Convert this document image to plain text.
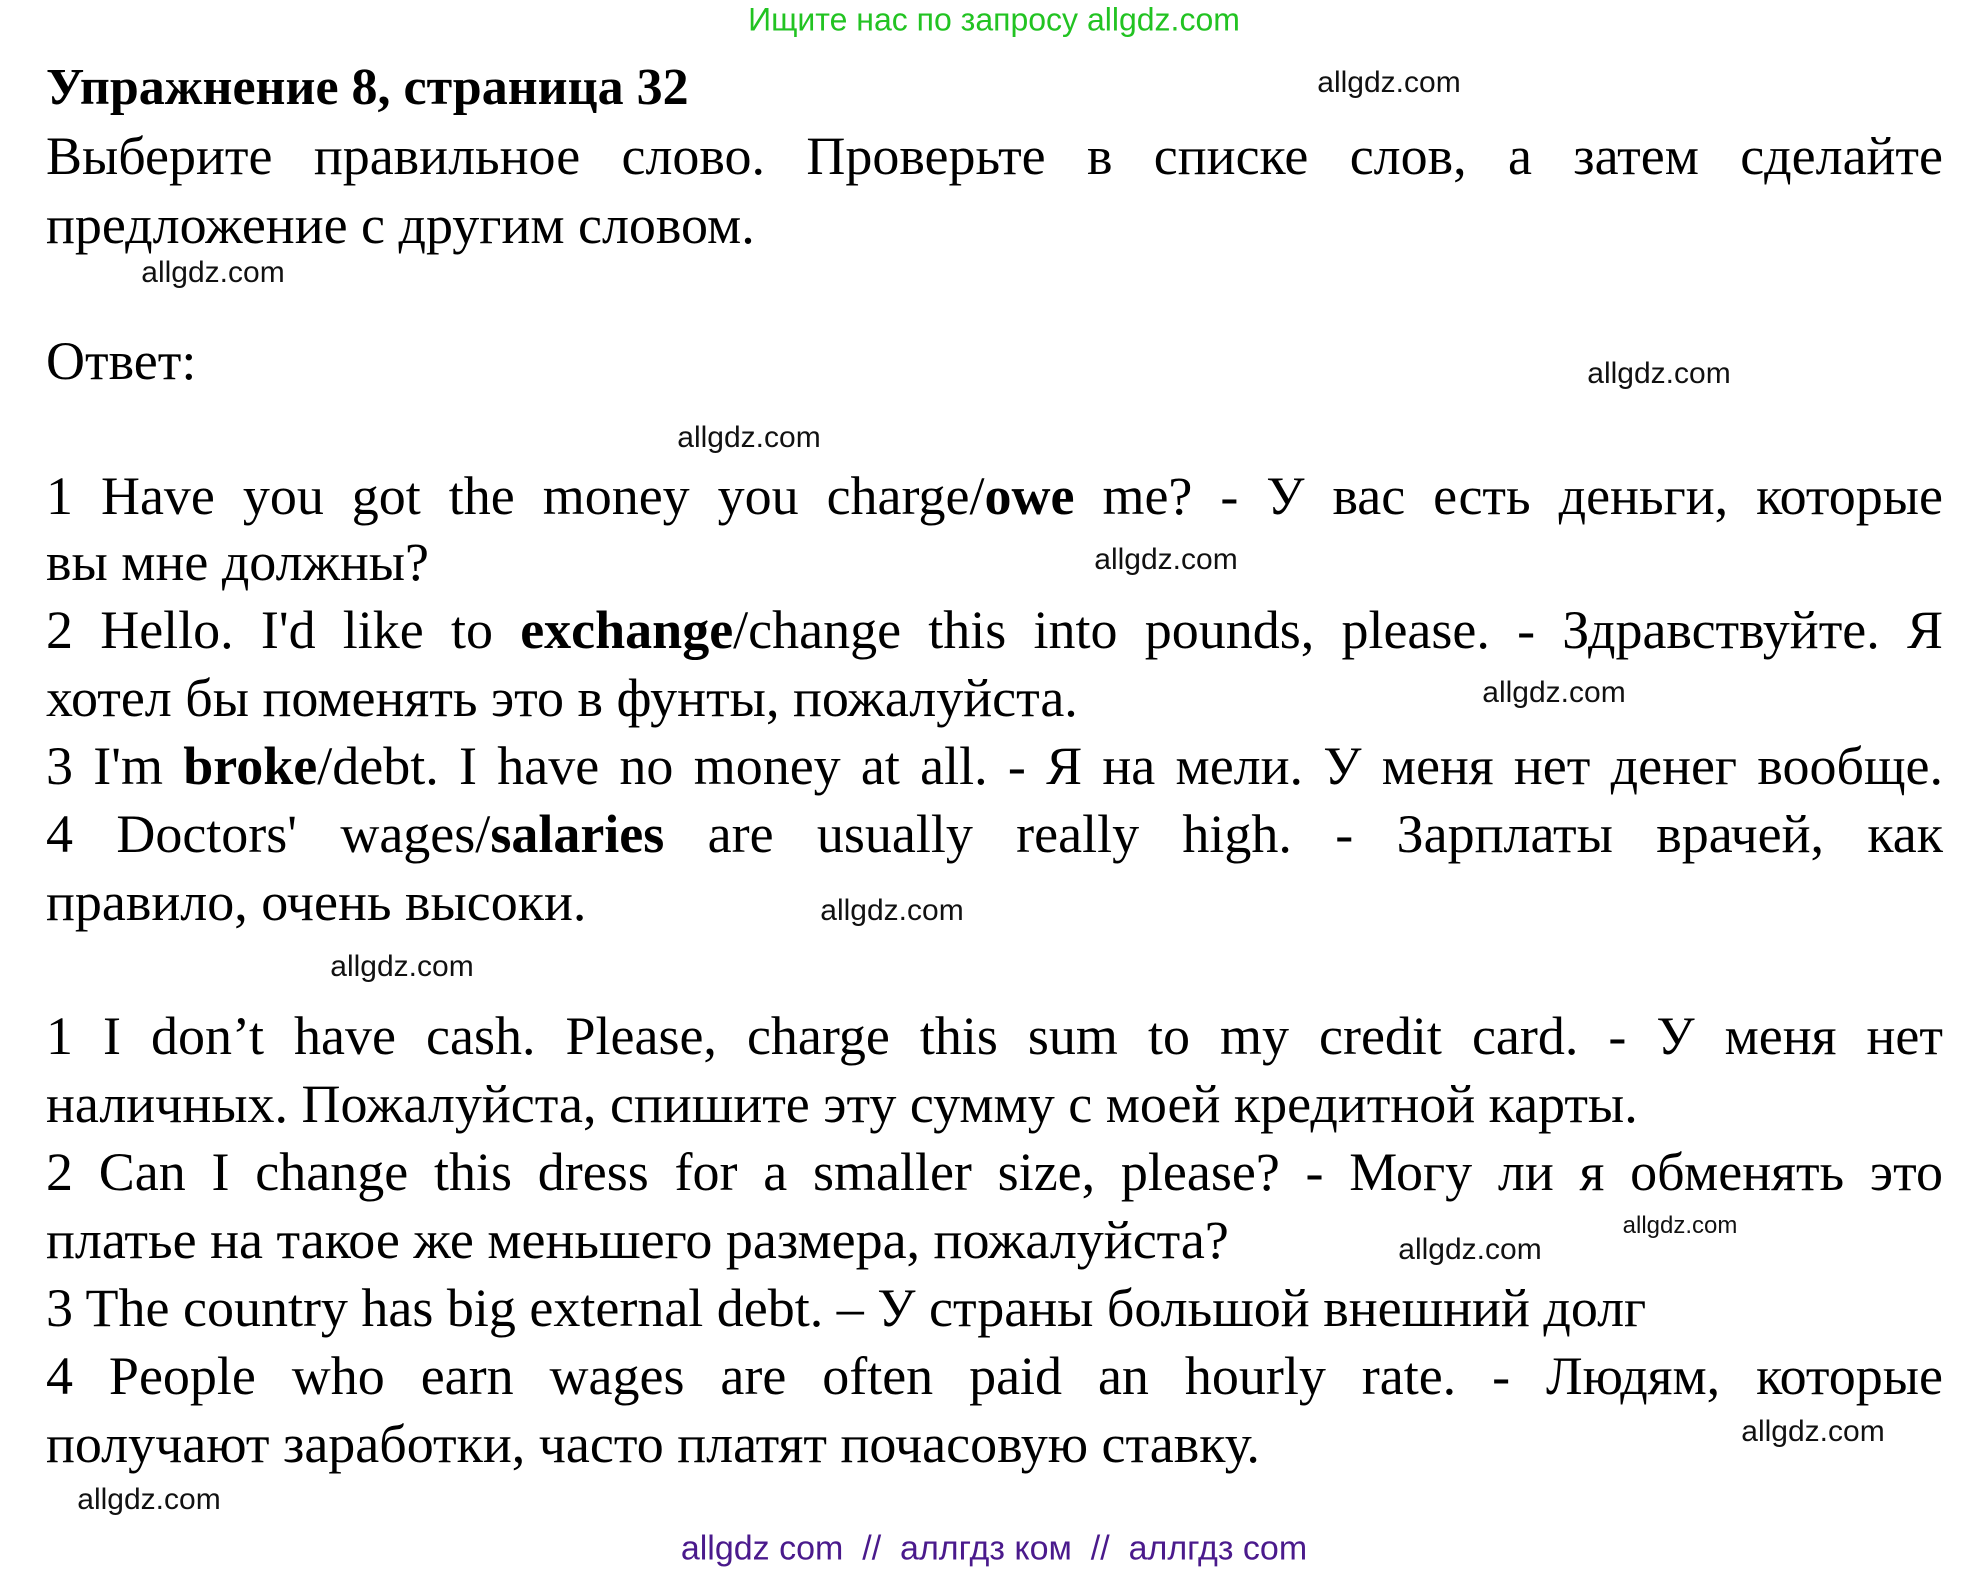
Ищите нас по запросу allgdz.com
Упражнение 8, страница 32
Выберите правильное слово. Проверьте в списке слов, а затем сделайте
предложение с другим словом.
Ответ:
1 Have you got the money you charge/owe me? - У вас есть деньги, которые
вы мне должны?
2 Hello. I'd like to exchange/change this into pounds, please. - Здравствуйте. Я
хотел бы поменять это в фунты, пожалуйста.
3 I'm broke/debt. I have no money at all. - Я на мели. У меня нет денег вообще.
4 Doctors' wages/salaries are usually really high. - Зарплаты врачей, как
правило, очень высоки.
1 I don’t have cash. Please, charge this sum to my credit card. - У меня нет
наличных. Пожалуйста, спишите эту сумму с моей кредитной карты.
2 Can I change this dress for a smaller size, please? - Могу ли я обменять это
платье на такое же меньшего размера, пожалуйста?
3 The country has big external debt. – У страны большой внешний долг
4 People who earn wages are often paid an hourly rate. - Людям, которые
получают заработки, часто платят почасовую ставку.
allgdz.com
allgdz.com
allgdz.com
allgdz.com
allgdz.com
allgdz.com
allgdz.com
allgdz.com
allgdz.com
allgdz.com
allgdz.com
allgdz.com
allgdz com  //  аллгдз ком  //  аллгдз com
